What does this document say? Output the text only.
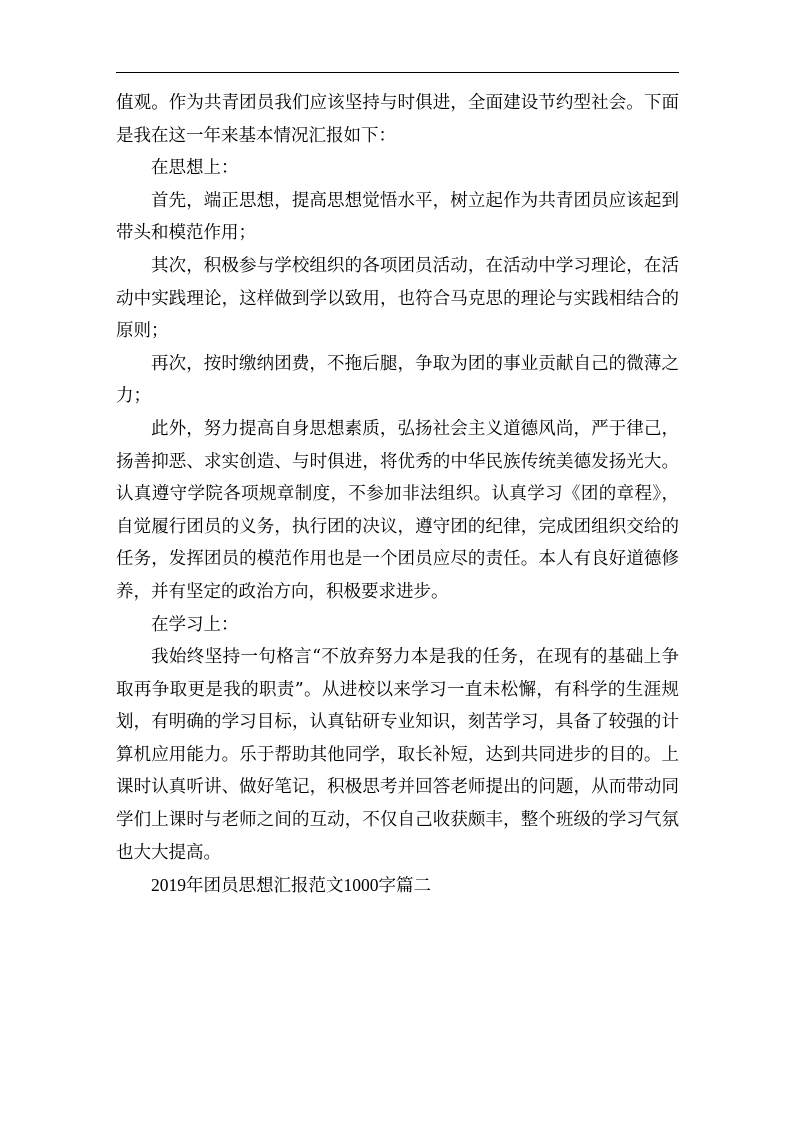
值观。作为共青团员我们应该坚持与时俱进，全面建设节约型社会。下面是我在这一年来基本情况汇报如下：

在思想上：

首先，端正思想，提高思想觉悟水平，树立起作为共青团员应该起到带头和模范作用；

其次，积极参与学校组织的各项团员活动，在活动中学习理论，在活动中实践理论，这样做到学以致用，也符合马克思的理论与实践相结合的原则；

再次，按时缴纳团费，不拖后腿，争取为团的事业贡献自己的微薄之力；

此外，努力提高自身思想素质，弘扬社会主义道德风尚，严于律己，扬善抑恶、求实创造、与时俱进，将优秀的中华民族传统美德发扬光大。认真遵守学院各项规章制度，不参加非法组织。认真学习《团的章程》，自觉履行团员的义务，执行团的决议，遵守团的纪律，完成团组织交给的任务，发挥团员的模范作用也是一个团员应尽的责任。本人有良好道德修养，并有坚定的政治方向，积极要求进步。

在学习上：

我始终坚持一句格言“不放弃努力本是我的任务，在现有的基础上争取再争取更是我的职责”。从进校以来学习一直未松懈，有科学的生涯规划，有明确的学习目标，认真钻研专业知识，刻苦学习，具备了较强的计算机应用能力。乐于帮助其他同学，取长补短，达到共同进步的目的。上课时认真听讲、做好笔记，积极思考并回答老师提出的问题，从而带动同学们上课时与老师之间的互动，不仅自己收获颇丰，整个班级的学习气氛也大大提高。

2019年团员思想汇报范文1000字篇二
